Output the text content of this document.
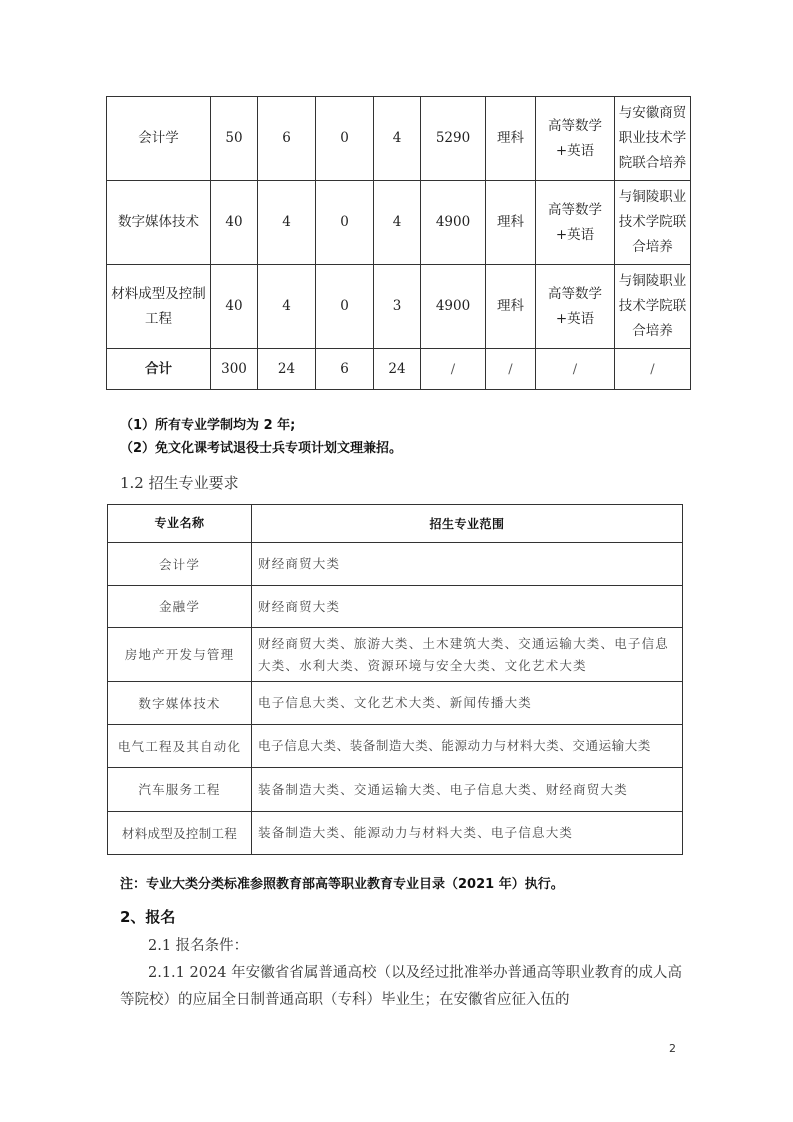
会计学	50	6	0	4	5290	理科	高等数学+英语	与安徽商贸职业技术学院联合培养
数字媒体技术	40	4	0	4	4900	理科	高等数学+英语	与铜陵职业技术学院联合培养
材料成型及控制工程	40	4	0	3	4900	理科	高等数学+英语	与铜陵职业技术学院联合培养
合计	300	24	6	24	/	/	/	/
（1）所有专业学制均为 2 年;
（2）免文化课考试退役士兵专项计划文理兼招。
1.2 招生专业要求
专业名称	招生专业范围
会计学	财经商贸大类
金融学	财经商贸大类
房地产开发与管理	财经商贸大类、旅游大类、土木建筑大类、交通运输大类、电子信息大类、水利大类、资源环境与安全大类、文化艺术大类
数字媒体技术	电子信息大类、文化艺术大类、新闻传播大类
电气工程及其自动化	电子信息大类、装备制造大类、能源动力与材料大类、交通运输大类
汽车服务工程	装备制造大类、交通运输大类、电子信息大类、财经商贸大类
材料成型及控制工程	装备制造大类、能源动力与材料大类、电子信息大类
注：专业大类分类标准参照教育部高等职业教育专业目录（2021 年）执行。
2、报名
2.1 报名条件：
2.1.1 2024 年安徽省省属普通高校（以及经过批准举办普通高等职业教育的成人高等院校）的应届全日制普通高职（专科）毕业生；在安徽省应征入伍的
2
